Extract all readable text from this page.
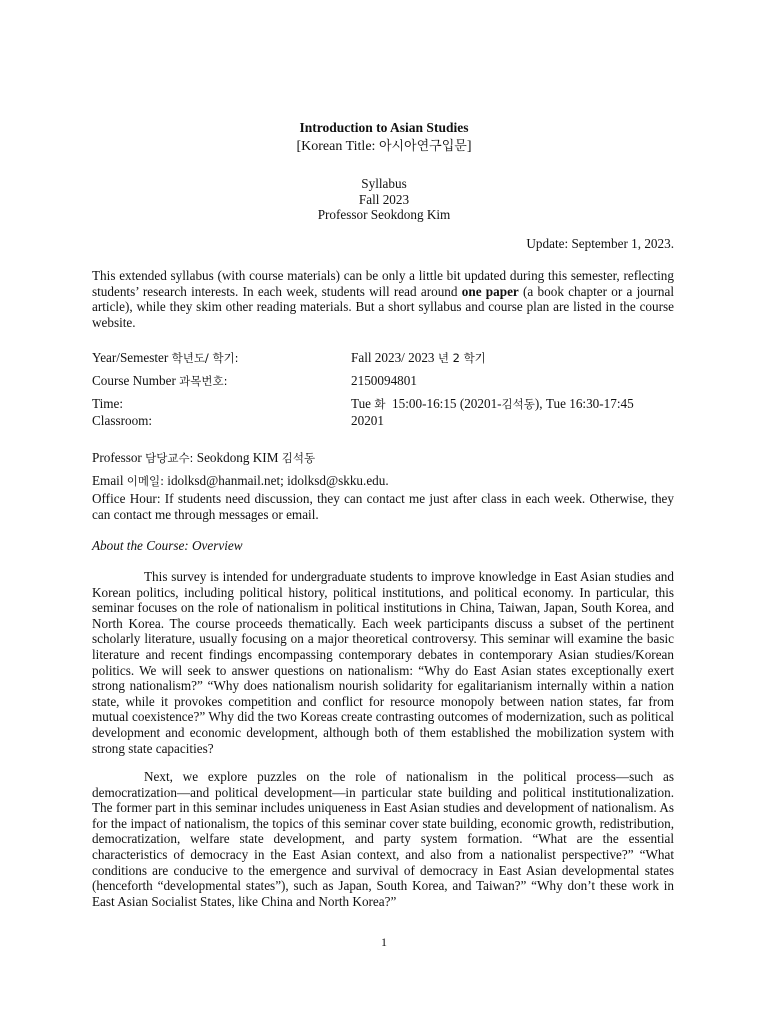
Introduction to Asian Studies
[Korean Title: 아시아연구입문]
Syllabus
Fall 2023
Professor Seokdong Kim
Update: September 1, 2023.
This extended syllabus (with course materials) can be only a little bit updated during this semester, reflecting students’ research interests. In each week, students will read around one paper (a book chapter or a journal article), while they skim other reading materials. But a short syllabus and course plan are listed in the course website.
Year/Semester 학년도/ 학기:	Fall 2023/ 2023 년 2 학기
Course Number 과목번호:	2150094801
Time:	Tue 화 15:00-16:15 (20201-김석동), Tue 16:30-17:45
Classroom:	20201
Professor 담당교수: Seokdong KIM 김석동
Email 이메일: idolksd@hanmail.net; idolksd@skku.edu.
Office Hour: If students need discussion, they can contact me just after class in each week. Otherwise, they can contact me through messages or email.
About the Course: Overview
This survey is intended for undergraduate students to improve knowledge in East Asian studies and Korean politics, including political history, political institutions, and political economy. In particular, this seminar focuses on the role of nationalism in political institutions in China, Taiwan, Japan, South Korea, and North Korea. The course proceeds thematically. Each week participants discuss a subset of the pertinent scholarly literature, usually focusing on a major theoretical controversy. This seminar will examine the basic literature and recent findings encompassing contemporary debates in contemporary Asian studies/Korean politics. We will seek to answer questions on nationalism: “Why do East Asian states exceptionally exert strong nationalism?” “Why does nationalism nourish solidarity for egalitarianism internally within a nation state, while it provokes competition and conflict for resource monopoly between nation states, far from mutual coexistence?” Why did the two Koreas create contrasting outcomes of modernization, such as political development and economic development, although both of them established the mobilization system with strong state capacities?
Next, we explore puzzles on the role of nationalism in the political process—such as democratization—and political development—in particular state building and political institutionalization. The former part in this seminar includes uniqueness in East Asian studies and development of nationalism. As for the impact of nationalism, the topics of this seminar cover state building, economic growth, redistribution, democratization, welfare state development, and party system formation. “What are the essential characteristics of democracy in the East Asian context, and also from a nationalist perspective?” “What conditions are conducive to the emergence and survival of democracy in East Asian developmental states (henceforth “developmental states”), such as Japan, South Korea, and Taiwan?” “Why don’t these work in East Asian Socialist States, like China and North Korea?”
1
